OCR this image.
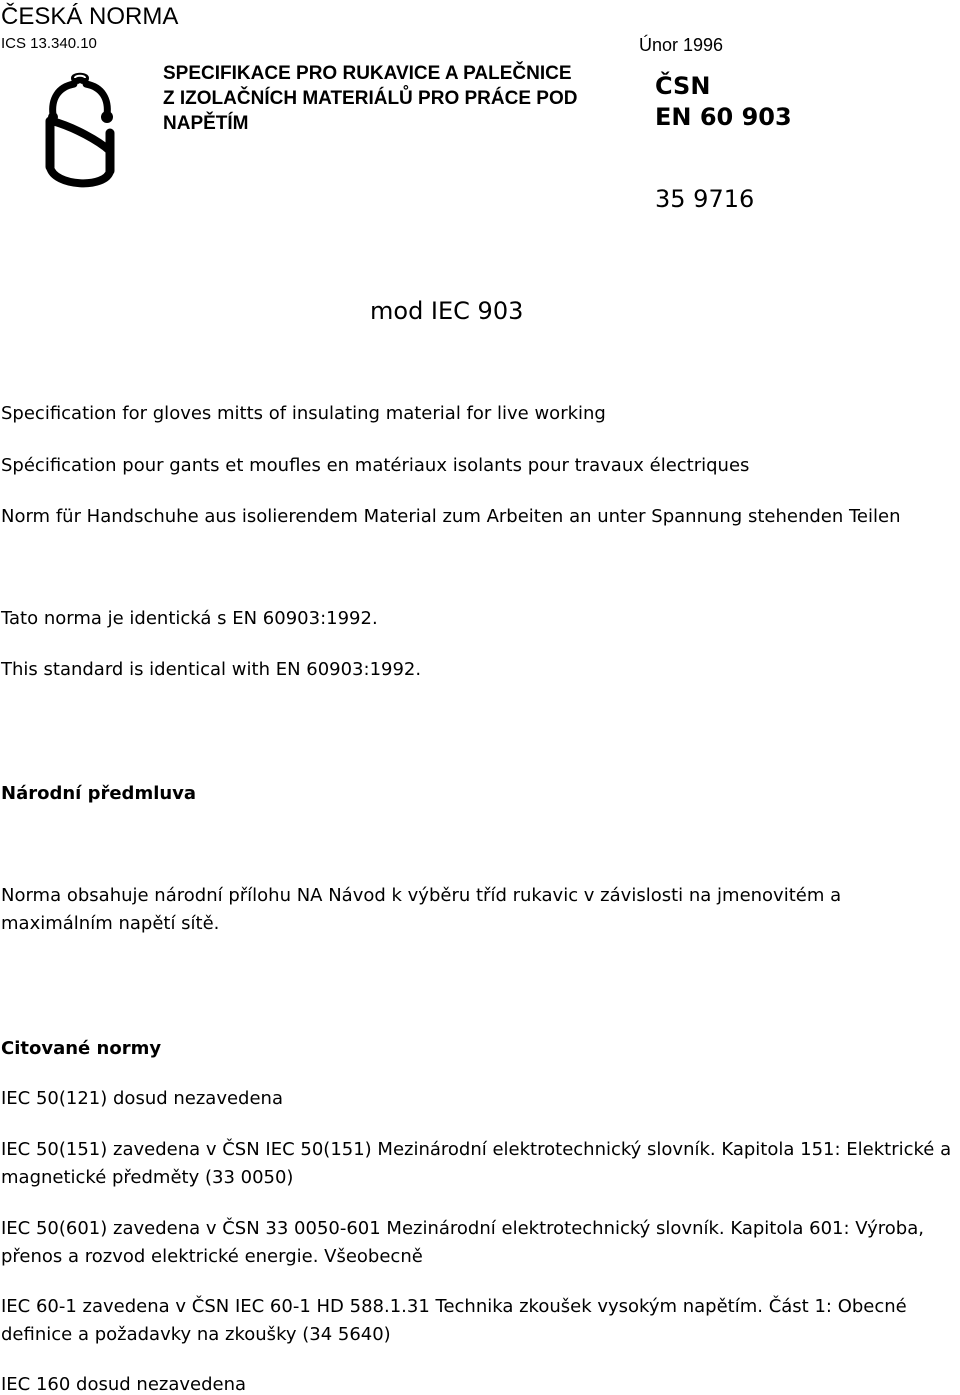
ČESKÁ NORMA
ICS 13.340.10	Únor 1996
SPECIFIKACE PRO RUKAVICE A PALEČNICE
Z IZOLAČNÍCH MATERIÁLŮ PRO PRÁCE POD
NAPĚTÍM
ČSN
EN 60 903
35 9716
mod IEC 903
Specification for gloves mitts of insulating material for live working
Spécification pour gants et moufles en matériaux isolants pour travaux électriques
Norm für Handschuhe aus isolierendem Material zum Arbeiten an unter Spannung stehenden Teilen
Tato norma je identická s EN 60903:1992.
This standard is identical with EN 60903:1992.
Národní předmluva
Norma obsahuje národní přílohu NA Návod k výběru tříd rukavic v závislosti na jmenovitém a maximálním napětí sítě.
Citované normy
IEC 50(121) dosud nezavedena
IEC 50(151) zavedena v ČSN IEC 50(151) Mezinárodní elektrotechnický slovník. Kapitola 151: Elektrické a magnetické předměty (33 0050)
IEC 50(601) zavedena v ČSN 33 0050-601 Mezinárodní elektrotechnický slovník. Kapitola 601: Výroba, přenos a rozvod elektrické energie. Všeobecně
IEC 60-1 zavedena v ČSN IEC 60-1 HD 588.1.31 Technika zkoušek vysokým napětím. Část 1: Obecné definice a požadavky na zkoušky (34 5640)
IEC 160 dosud nezavedena
